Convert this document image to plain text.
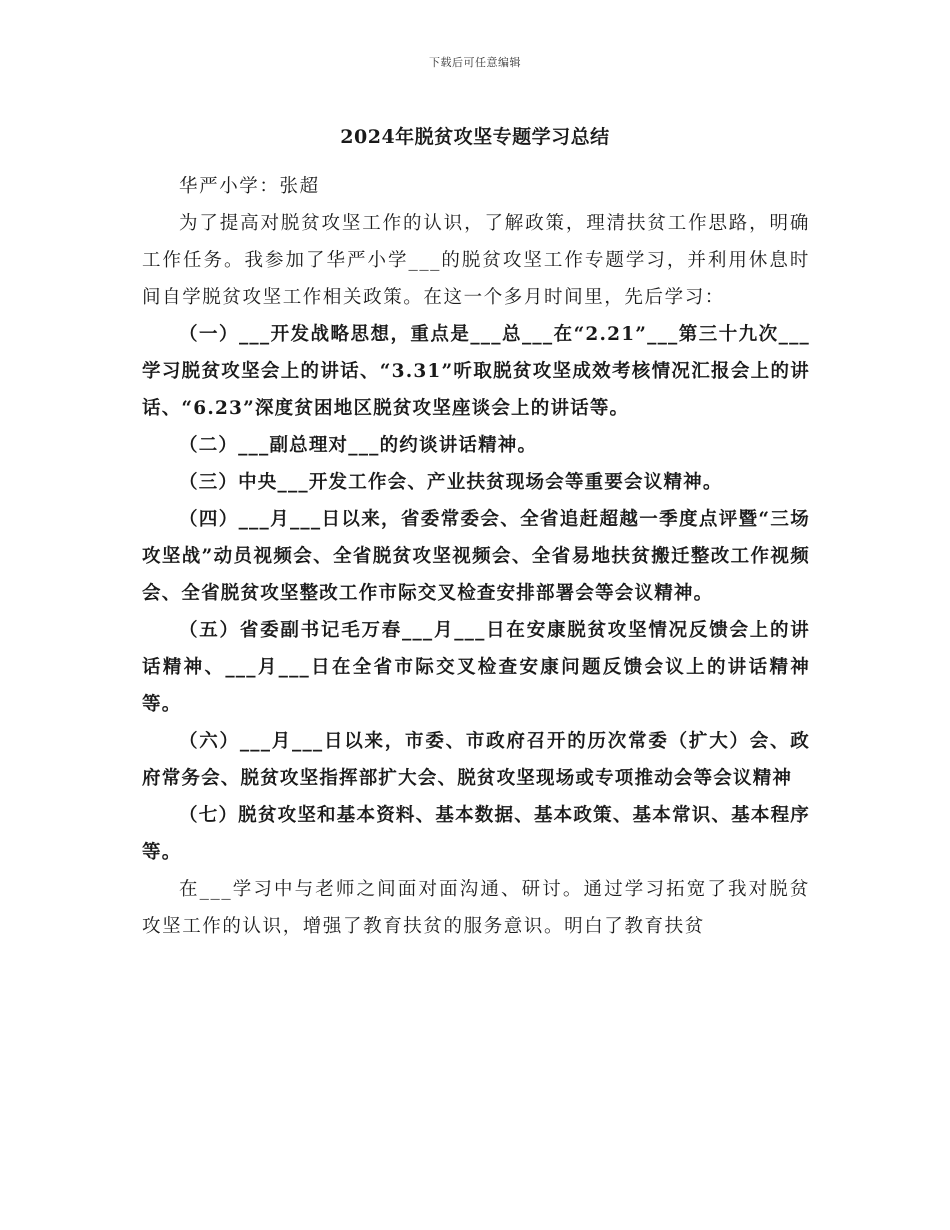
下载后可任意编辑
2024年脱贫攻坚专题学习总结

华严小学：张超

为了提高对脱贫攻坚工作的认识，了解政策，理清扶贫工作思路，明确工作任务。我参加了华严小学___的脱贫攻坚工作专题学习，并利用休息时间自学脱贫攻坚工作相关政策。在这一个多月时间里，先后学习：

（一）___开发战略思想，重点是___总___在“2.21”___第三十九次___学习脱贫攻坚会上的讲话、“3.31”听取脱贫攻坚成效考核情况汇报会上的讲话、“6.23”深度贫困地区脱贫攻坚座谈会上的讲话等。

（二）___副总理对___的约谈讲话精神。

（三）中央___开发工作会、产业扶贫现场会等重要会议精神。

（四）___月___日以来，省委常委会、全省追赶超越一季度点评暨“三场攻坚战”动员视频会、全省脱贫攻坚视频会、全省易地扶贫搬迁整改工作视频会、全省脱贫攻坚整改工作市际交叉检查安排部署会等会议精神。

（五）省委副书记毛万春___月___日在安康脱贫攻坚情况反馈会上的讲话精神、___月___日在全省市际交叉检查安康问题反馈会议上的讲话精神等。

（六）___月___日以来，市委、市政府召开的历次常委（扩大）会、政府常务会、脱贫攻坚指挥部扩大会、脱贫攻坚现场或专项推动会等会议精神

（七）脱贫攻坚和基本资料、基本数据、基本政策、基本常识、基本程序等。

在___学习中与老师之间面对面沟通、研讨。通过学习拓宽了我对脱贫攻坚工作的认识，增强了教育扶贫的服务意识。明白了教育扶贫
